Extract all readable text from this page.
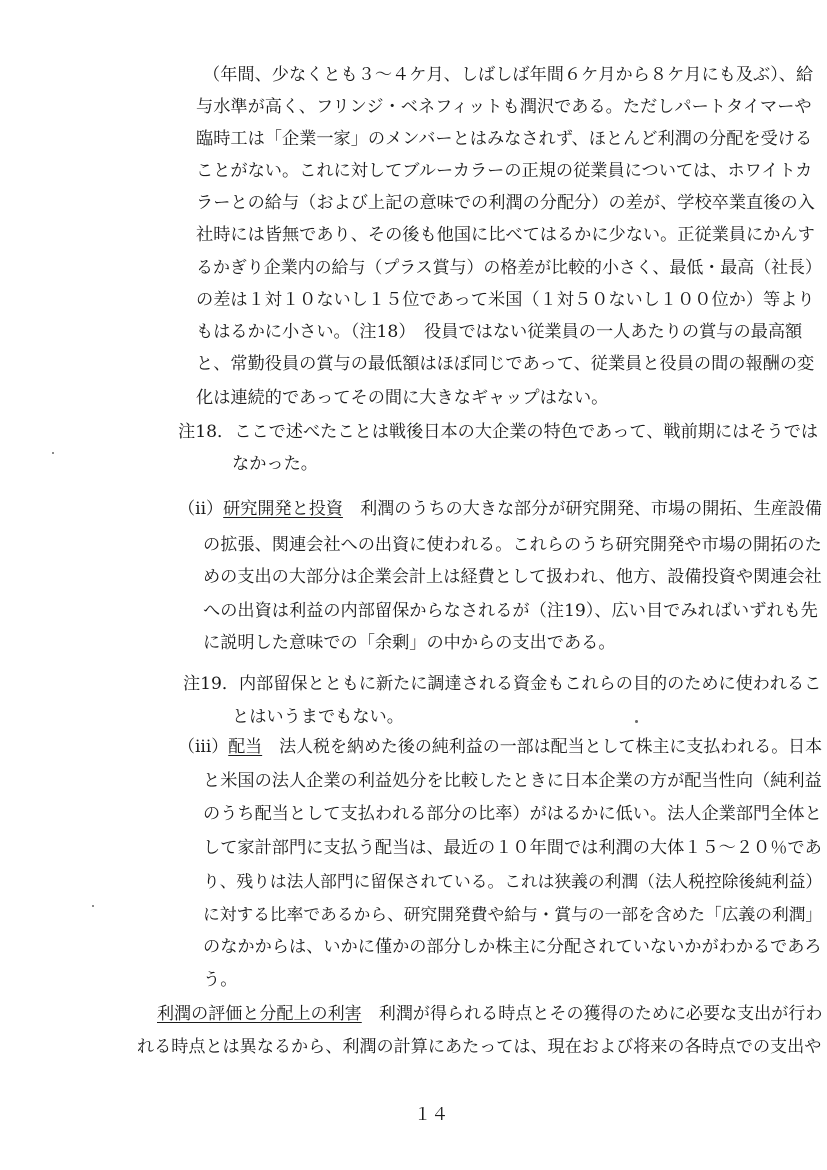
（年間、少なくとも３～４ケ月、しばしば年間６ケ月から８ケ月にも及ぶ）、給
与水準が高く、フリンジ・ベネフィットも潤沢である。ただしパートタイマーや
臨時工は「企業一家」のメンバーとはみなされず、ほとんど利潤の分配を受ける
ことがない。これに対してブルーカラーの正規の従業員については、ホワイトカ
ラーとの給与（および上記の意味での利潤の分配分）の差が、学校卒業直後の入
社時には皆無であり、その後も他国に比べてはるかに少ない。正従業員にかんす
るかぎり企業内の給与（プラス賞与）の格差が比較的小さく、最低・最高（社長）
の差は１対１０ないし１５位であって米国（１対５０ないし１００位か）等より
もはるかに小さい。（注18）　役員ではない従業員の一人あたりの賞与の最高額
と、常勤役員の賞与の最低額はほぼ同じであって、従業員と役員の間の報酬の変
化は連続的であってその間に大きなギャップはない。
注18．ここで述べたことは戦後日本の大企業の特色であって、戦前期にはそうでは
なかった。
（ii）研究開発と投資　利潤のうちの大きな部分が研究開発、市場の開拓、生産設備
の拡張、関連会社への出資に使われる。これらのうち研究開発や市場の開拓のた
めの支出の大部分は企業会計上は経費として扱われ、他方、設備投資や関連会社
への出資は利益の内部留保からなされるが（注19）、広い目でみればいずれも先
に説明した意味での「余剰」の中からの支出である。
注19．内部留保とともに新たに調達される資金もこれらの目的のために使われるこ
とはいうまでもない。
（iii）配当　法人税を納めた後の純利益の一部は配当として株主に支払われる。日本
と米国の法人企業の利益処分を比較したときに日本企業の方が配当性向（純利益
のうち配当として支払われる部分の比率）がはるかに低い。法人企業部門全体と
して家計部門に支払う配当は、最近の１０年間では利潤の大体１５～２０％であ
り、残りは法人部門に留保されている。これは狭義の利潤（法人税控除後純利益）
に対する比率であるから、研究開発費や給与・賞与の一部を含めた「広義の利潤」
のなかからは、いかに僅かの部分しか株主に分配されていないかがわかるであろ
う。
利潤の評価と分配上の利害　利潤が得られる時点とその獲得のために必要な支出が行わ
れる時点とは異なるから、利潤の計算にあたっては、現在および将来の各時点での支出や
１４
